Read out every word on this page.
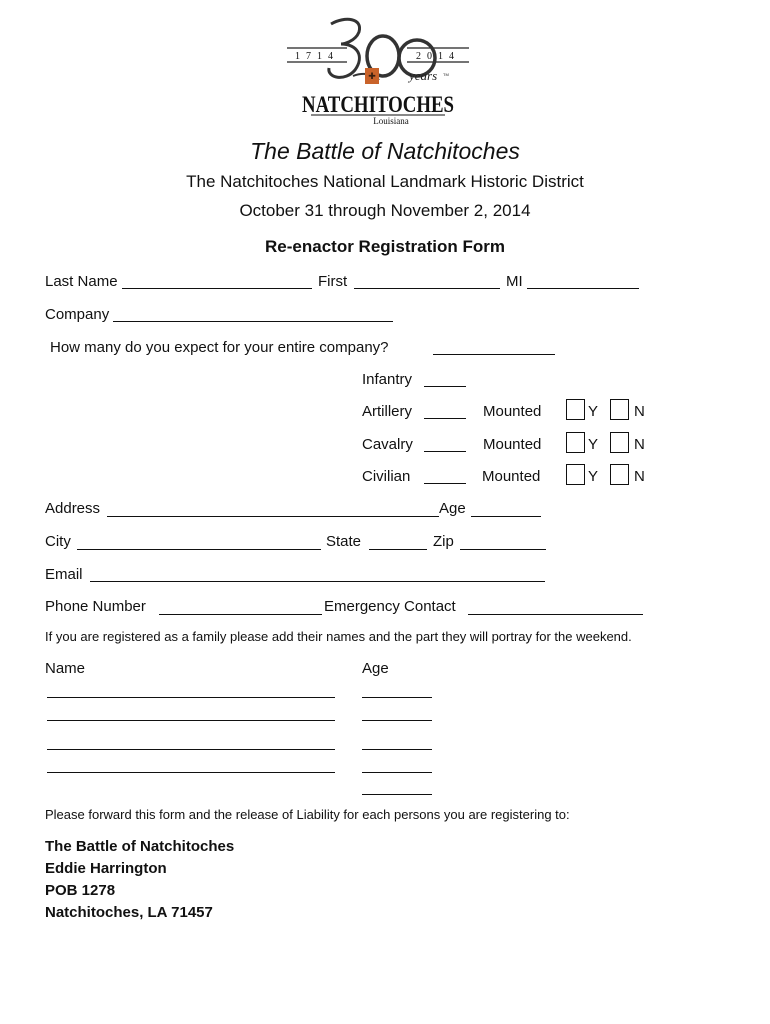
1714	2014
✚	years TM
NATCHITOCHES
Louisiana
The Battle of Natchitoches
The Natchitoches National Landmark Historic District
October 31 through November 2, 2014
Re-enactor Registration Form
Last Name	First	MI
Company
How many do you expect for your entire company?
Infantry
Artillery	Mounted	Y N
Cavalry	Mounted	Y N
Civilian	Mounted	Y N
Address	Age
City	State	Zip
Email
Phone Number	Emergency Contact
If you are registered as a family please add their names and the part they will portray for the weekend.
Name	Age
Please forward this form and the release of Liability for each persons you are registering to:
The Battle of Natchitoches
Eddie Harrington
POB 1278
Natchitoches, LA 71457
